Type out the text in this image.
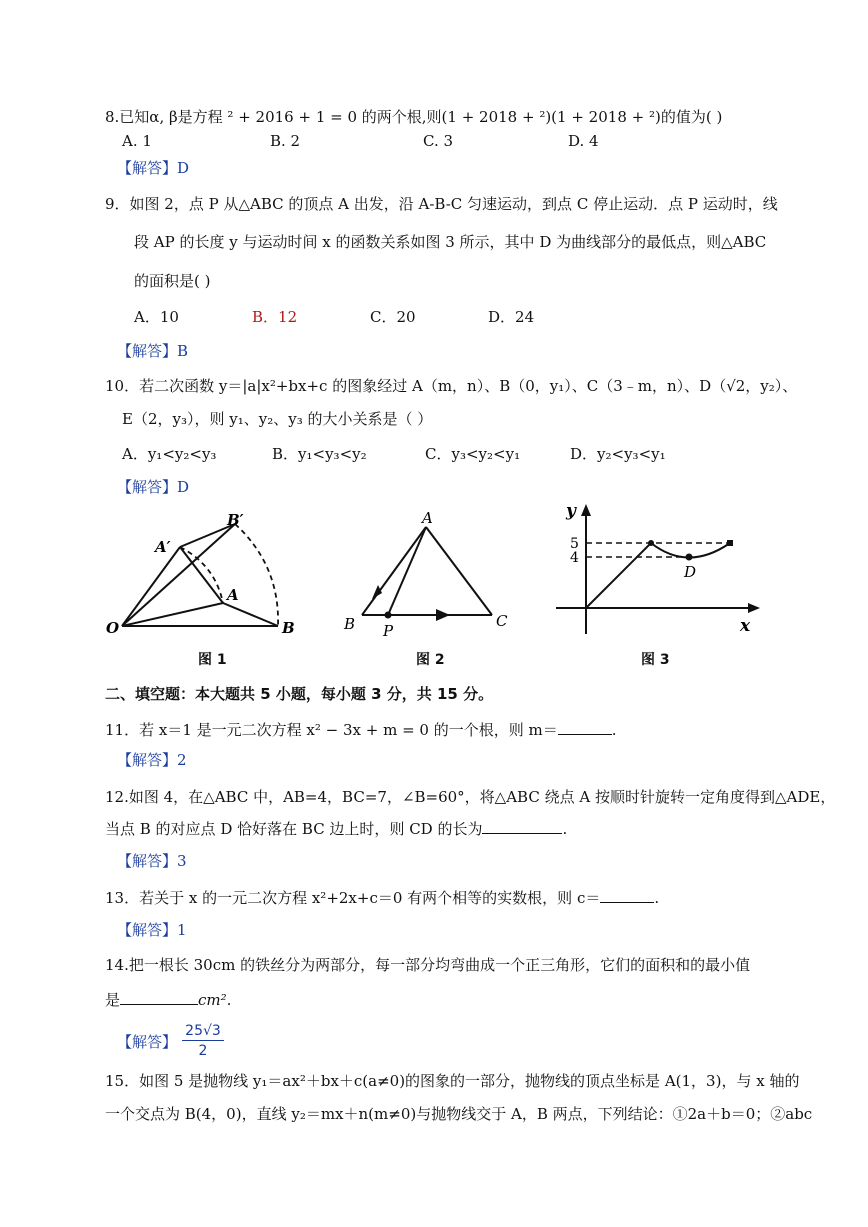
8.已知α, β是方程 ² + 2016 + 1 = 0 的两个根,则(1 + 2018 + ²)(1 + 2018 + ²)的值为( )
A. 1	B. 2	C. 3	D. 4
【解答】D
9．如图 2，点 P 从△ABC 的顶点 A 出发，沿 A-B-C 匀速运动，到点 C 停止运动．点 P 运动时，线
段 AP 的长度 y 与运动时间 x 的函数关系如图 3 所示，其中 D 为曲线部分的最低点，则△ABC
的面积是( )
A．10	B．12	C．20	D．24
【解答】B
10．若二次函数 y＝|a|x²+bx+c 的图象经过 A（m，n）、B（0，y₁）、C（3﹣m，n）、D（√2，y₂）、
E（2，y₃），则 y₁、y₂、y₃ 的大小关系是（ ）
A．y₁<y₂<y₃	B．y₁<y₃<y₂	C．y₃<y₂<y₁	D．y₂<y₃<y₁
【解答】D
O	B
A
A′
B′
图 1
A
B	C
P
图 2
y
x
5
4
D
图 3
二、填空题：本大题共 5 小题，每小题 3 分，共 15 分。
11．若 x＝1 是一元二次方程 x² − 3x + m = 0 的一个根，则 m＝	.
【解答】2
12.如图 4，在△ABC 中，AB=4，BC=7，∠B=60°，将△ABC 绕点 A 按顺时针旋转一定角度得到△ADE，
当点 B 的对应点 D 恰好落在 BC 边上时，则 CD 的长为	.
【解答】3
13．若关于 x 的一元二次方程 x²+2x+c＝0 有两个相等的实数根，则 c＝	.
【解答】1
14.把一根长 30cm 的铁丝分为两部分，每一部分均弯曲成一个正三角形，它们的面积和的最小值
是	cm².
【解答】
25√3
2
15．如图 5 是抛物线 y₁＝ax²＋bx＋c(a≠0)的图象的一部分，抛物线的顶点坐标是 A(1，3)，与 x 轴的
一个交点为 B(4，0)，直线 y₂＝mx＋n(m≠0)与抛物线交于 A，B 两点，下列结论：①2a＋b＝0；②abc
